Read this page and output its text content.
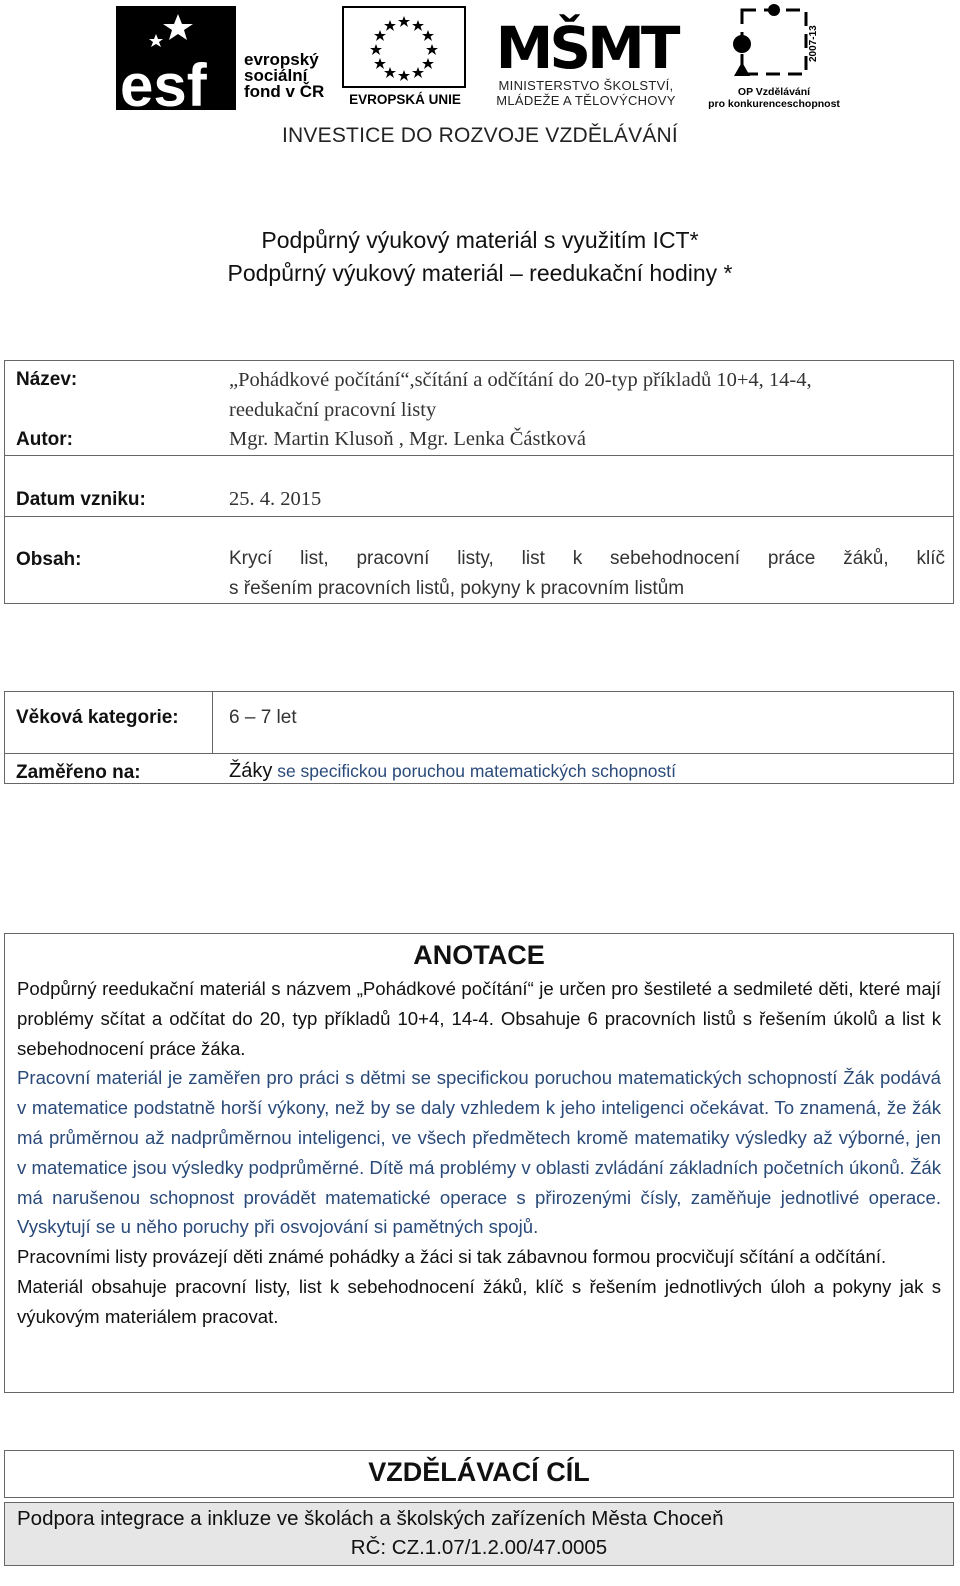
esf evropský
sociální
fond v ČR	EVROPSKÁ UNIE
MŠMT
MINISTERSTVO ŠKOLSTVÍ,
MLÁDEŽE A TĚLOVÝCHOVY
2007-13
OP Vzdělávání
pro konkurenceschopnost
INVESTICE DO ROZVOJE VZDĚLÁVÁNÍ
Podpůrný výukový materiál s využitím ICT*
Podpůrný výukový materiál – reedukační hodiny *
Název:	„Pohádkové počítání“,sčítání a odčítání do 20-typ příkladů 10+4, 14-4,
reedukační pracovní listy
Autor:	Mgr. Martin Klusoň , Mgr. Lenka Částková
Datum vzniku:	25. 4. 2015
Obsah:	Krycí list, pracovní listy, list k sebehodnocení práce žáků, klíč
s řešením pracovních listů, pokyny k pracovním listům
Věková kategorie:	6 – 7 let
Zaměřeno na:	Žáky se specifickou poruchou matematických schopností
ANOTACE

Podpůrný reedukační materiál s názvem „Pohádkové počítání“ je určen pro šestileté a sedmileté děti, které mají problémy sčítat a odčítat do 20, typ příkladů 10+4, 14-4. Obsahuje 6 pracovních listů s řešením úkolů a list k sebehodnocení práce žáka.

Pracovní materiál je zaměřen pro práci s dětmi se specifickou poruchou matematických schopností Žák podává v matematice podstatně horší výkony, než by se daly vzhledem k jeho inteligenci očekávat. To znamená, že žák má průměrnou až nadprůměrnou inteligenci, ve všech předmětech kromě matematiky výsledky až výborné, jen v matematice jsou výsledky podprůměrné. Dítě má problémy v oblasti zvládání základních početních úkonů. Žák má narušenou schopnost provádět matematické operace s přirozenými čísly, zaměňuje jednotlivé operace. Vyskytují se u něho poruchy při osvojování si pamětných spojů.

Pracovními listy provázejí děti známé pohádky a žáci si tak zábavnou formou procvičují sčítání a odčítání.

Materiál obsahuje pracovní listy, list k sebehodnocení žáků, klíč s řešením jednotlivých úloh a pokyny jak s výukovým materiálem pracovat.

VZDĚLÁVACÍ CÍL
Podpora integrace a inkluze ve školách a školských zařízeních Města Choceň
RČ: CZ.1.07/1.2.00/47.0005
